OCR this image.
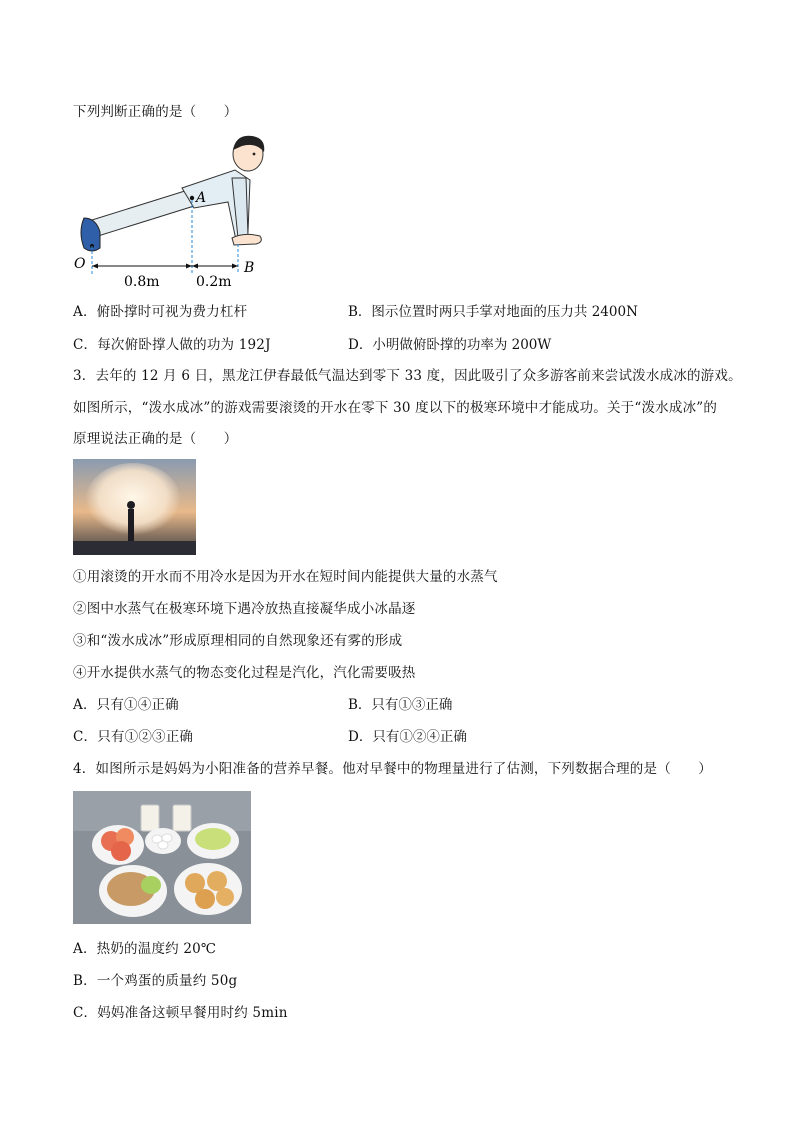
下列判断正确的是（　　）
A
O	B
0.8m	0.2m
A．俯卧撑时可视为费力杠杆	B．图示位置时两只手掌对地面的压力共 2400N
C．每次俯卧撑人做的功为 192J	D．小明做俯卧撑的功率为 200W
3．去年的 12 月 6 日，黑龙江伊春最低气温达到零下 33 度，因此吸引了众多游客前来尝试泼水成冰的游戏。
如图所示，“泼水成冰”的游戏需要滚烫的开水在零下 30 度以下的极寒环境中才能成功。关于“泼水成冰”的
原理说法正确的是（　　）
①用滚烫的开水而不用冷水是因为开水在短时间内能提供大量的水蒸气
②图中水蒸气在极寒环境下遇冷放热直接凝华成小冰晶逐
③和“泼水成冰”形成原理相同的自然现象还有雾的形成
④开水提供水蒸气的物态变化过程是汽化，汽化需要吸热
A．只有①④正确	B．只有①③正确
C．只有①②③正确	D．只有①②④正确
4．如图所示是妈妈为小阳准备的营养早餐。他对早餐中的物理量进行了估测，下列数据合理的是（　　）
A．热奶的温度约 20℃
B．一个鸡蛋的质量约 50g
C．妈妈准备这顿早餐用时约 5min
